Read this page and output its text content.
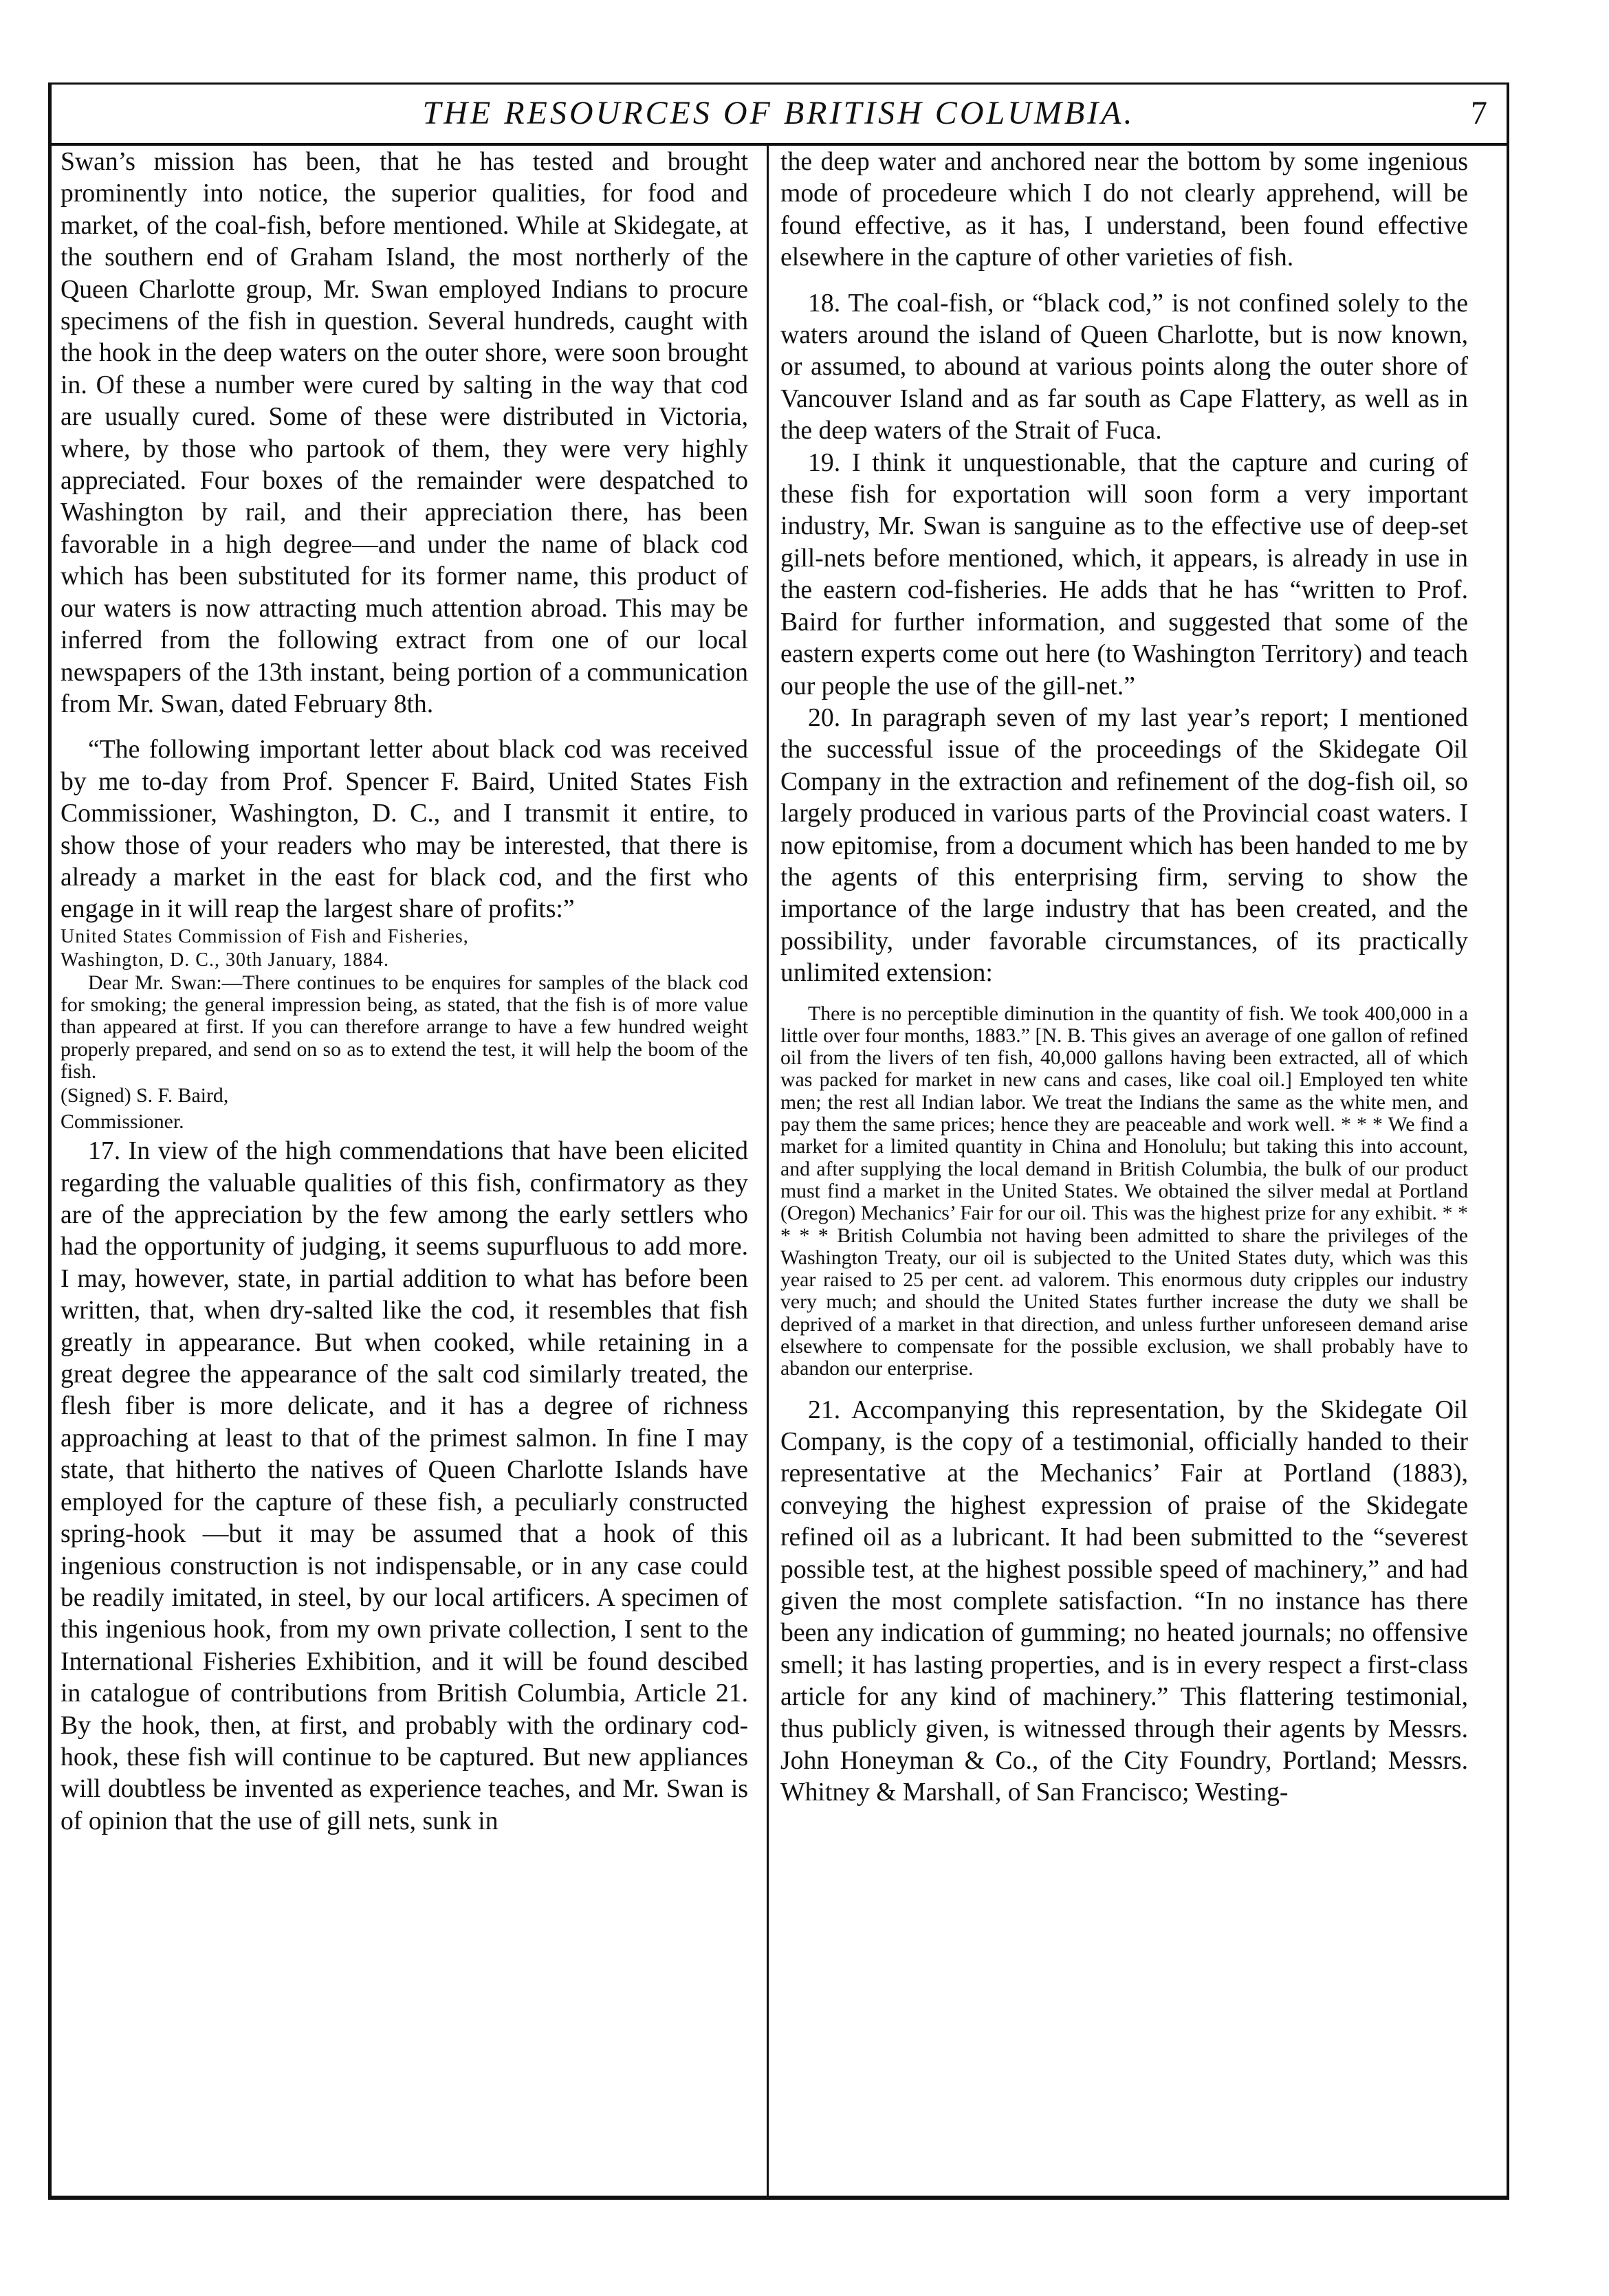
THE RESOURCES OF BRITISH COLUMBIA.	7

Swan’s mission has been, that he has tested and brought prominently into notice, the superior qualities, for food and market, of the coal-fish, before mentioned. While at Skidegate, at the southern end of Graham Island, the most northerly of the Queen Charlotte group, Mr. Swan employed Indians to procure specimens of the fish in question. Several hundreds, caught with the hook in the deep waters on the outer shore, were soon brought in. Of these a number were cured by salting in the way that cod are usually cured. Some of these were distributed in Victoria, where, by those who partook of them, they were very highly appreciated. Four boxes of the remainder were despatched to Washington by rail, and their appreciation there, has been favorable in a high degree—and under the name of black cod which has been substituted for its former name, this product of our waters is now attracting much attention abroad. This may be inferred from the following extract from one of our local newspapers of the 13th instant, being portion of a communication from Mr. Swan, dated February 8th.

“The following important letter about black cod was received by me to-day from Prof. Spencer F. Baird, United States Fish Commissioner, Washington, D. C., and I transmit it entire, to show those of your readers who may be interested, that there is already a market in the east for black cod, and the first who engage in it will reap the largest share of profits:”

United States Commission of Fish and Fisheries,

Washington, D. C., 30th January, 1884.

Dear Mr. Swan:—There continues to be enquires for samples of the black cod for smoking; the general impression being, as stated, that the fish is of more value than appeared at first. If you can therefore arrange to have a few hundred weight properly prepared, and send on so as to extend the test, it will help the boom of the fish.

(Signed) S. F. Baird,

Commissioner.

17. In view of the high commendations that have been elicited regarding the valuable qualities of this fish, confirmatory as they are of the appreciation by the few among the early settlers who had the opportunity of judging, it seems supurfluous to add more. I may, however, state, in partial addition to what has before been written, that, when dry-salted like the cod, it resembles that fish greatly in appearance. But when cooked, while retaining in a great degree the appearance of the salt cod similarly treated, the flesh fiber is more delicate, and it has a degree of richness approaching at least to that of the primest salmon. In fine I may state, that hitherto the natives of Queen Charlotte Islands have employed for the capture of these fish, a peculiarly constructed spring-hook —but it may be assumed that a hook of this ingenious construction is not indispensable, or in any case could be readily imitated, in steel, by our local artificers. A specimen of this ingenious hook, from my own private collection, I sent to the International Fisheries Exhibition, and it will be found descibed in catalogue of contributions from British Columbia, Article 21. By the hook, then, at first, and probably with the ordinary cod-hook, these fish will continue to be captured. But new appliances will doubtless be invented as experience teaches, and Mr. Swan is of opinion that the use of gill nets, sunk in

the deep water and anchored near the bottom by some ingenious mode of procedeure which I do not clearly apprehend, will be found effective, as it has, I understand, been found effective elsewhere in the capture of other varieties of fish.

18. The coal-fish, or “black cod,” is not confined solely to the waters around the island of Queen Charlotte, but is now known, or assumed, to abound at various points along the outer shore of Vancouver Island and as far south as Cape Flattery, as well as in the deep waters of the Strait of Fuca.

19. I think it unquestionable, that the capture and curing of these fish for exportation will soon form a very important industry, Mr. Swan is sanguine as to the effective use of deep-set gill-nets before mentioned, which, it appears, is already in use in the eastern cod-fisheries. He adds that he has “written to Prof. Baird for further information, and suggested that some of the eastern experts come out here (to Washington Territory) and teach our people the use of the gill-net.”

20. In paragraph seven of my last year’s report; I mentioned the successful issue of the proceedings of the Skidegate Oil Company in the extraction and refinement of the dog-fish oil, so largely produced in various parts of the Provincial coast waters. I now epitomise, from a document which has been handed to me by the agents of this enterprising firm, serving to show the importance of the large industry that has been created, and the possibility, under favorable circumstances, of its practically unlimited extension:

There is no perceptible diminution in the quantity of fish. We took 400,000 in a little over four months, 1883.” [N. B. This gives an average of one gallon of refined oil from the livers of ten fish, 40,000 gallons having been extracted, all of which was packed for market in new cans and cases, like coal oil.] Employed ten white men; the rest all Indian labor. We treat the Indians the same as the white men, and pay them the same prices; hence they are peaceable and work well. * * * We find a market for a limited quantity in China and Honolulu; but taking this into account, and after supplying the local demand in British Columbia, the bulk of our product must find a market in the United States. We obtained the silver medal at Portland (Oregon) Mechanics’ Fair for our oil. This was the highest prize for any exhibit. * * * * * British Columbia not having been admitted to share the privileges of the Washington Treaty, our oil is subjected to the United States duty, which was this year raised to 25 per cent. ad valorem. This enormous duty cripples our industry very much; and should the United States further increase the duty we shall be deprived of a market in that direction, and unless further unforeseen demand arise elsewhere to compensate for the possible exclusion, we shall probably have to abandon our enterprise.

21. Accompanying this representation, by the Skidegate Oil Company, is the copy of a testimonial, officially handed to their representative at the Mechanics’ Fair at Portland (1883), conveying the highest expression of praise of the Skidegate refined oil as a lubricant. It had been submitted to the “severest possible test, at the highest possible speed of machinery,” and had given the most complete satisfaction. “In no instance has there been any indication of gumming; no heated journals; no offensive smell; it has lasting properties, and is in every respect a first-class article for any kind of machinery.” This flattering testimonial, thus publicly given, is witnessed through their agents by Messrs. John Honeyman & Co., of the City Foundry, Portland; Messrs. Whitney & Marshall, of San Francisco; Westing-
